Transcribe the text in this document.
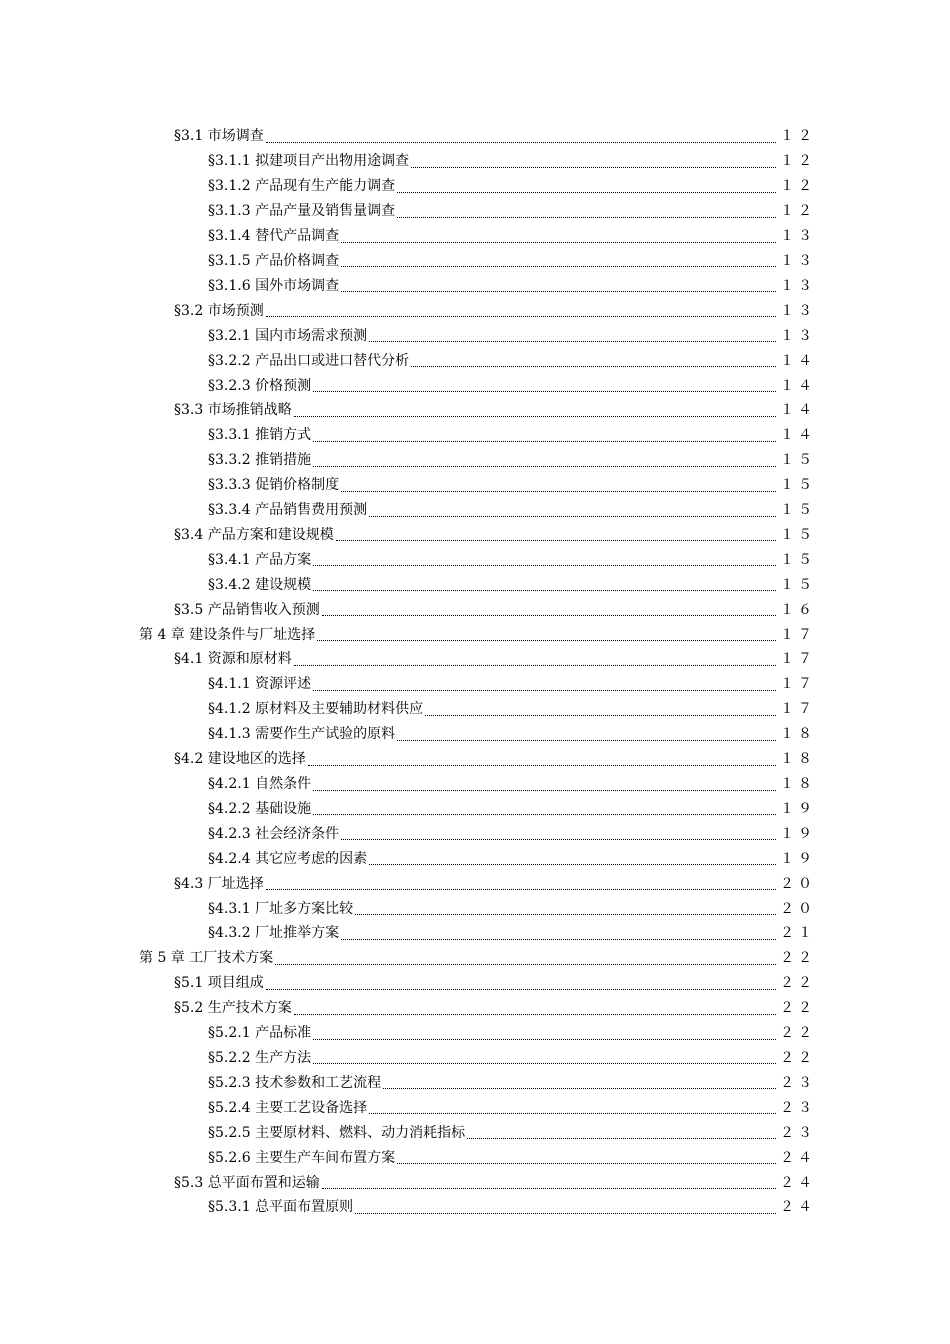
§3.1 市场调查	１２
§3.1.1 拟建项目产出物用途调查	１２
§3.1.2 产品现有生产能力调查	１２
§3.1.3 产品产量及销售量调查	１２
§3.1.4 替代产品调查	１３
§3.1.5 产品价格调查	１３
§3.1.6 国外市场调查	１３
§3.2 市场预测	１３
§3.2.1 国内市场需求预测	１３
§3.2.2 产品出口或进口替代分析	１４
§3.2.3 价格预测	１４
§3.3 市场推销战略	１４
§3.3.1 推销方式	１４
§3.3.2 推销措施	１５
§3.3.3 促销价格制度	１５
§3.3.4 产品销售费用预测	１５
§3.4 产品方案和建设规模	１５
§3.4.1 产品方案	１５
§3.4.2 建设规模	１５
§3.5 产品销售收入预测	１６
第 4 章 建设条件与厂址选择	１７
§4.1 资源和原材料	１７
§4.1.1 资源评述	１７
§4.1.2 原材料及主要辅助材料供应	１７
§4.1.3 需要作生产试验的原料	１８
§4.2 建设地区的选择	１８
§4.2.1 自然条件	１８
§4.2.2 基础设施	１９
§4.2.3 社会经济条件	１９
§4.2.4 其它应考虑的因素	１９
§4.3 厂址选择	２０
§4.3.1 厂址多方案比较	２０
§4.3.2 厂址推举方案	２１
第 5 章 工厂技术方案	２２
§5.1 项目组成	２２
§5.2 生产技术方案	２２
§5.2.1 产品标准	２２
§5.2.2 生产方法	２２
§5.2.3 技术参数和工艺流程	２３
§5.2.4 主要工艺设备选择	２３
§5.2.5 主要原材料、燃料、动力消耗指标	２３
§5.2.6 主要生产车间布置方案	２４
§5.3 总平面布置和运输	２４
§5.3.1 总平面布置原则	２４
